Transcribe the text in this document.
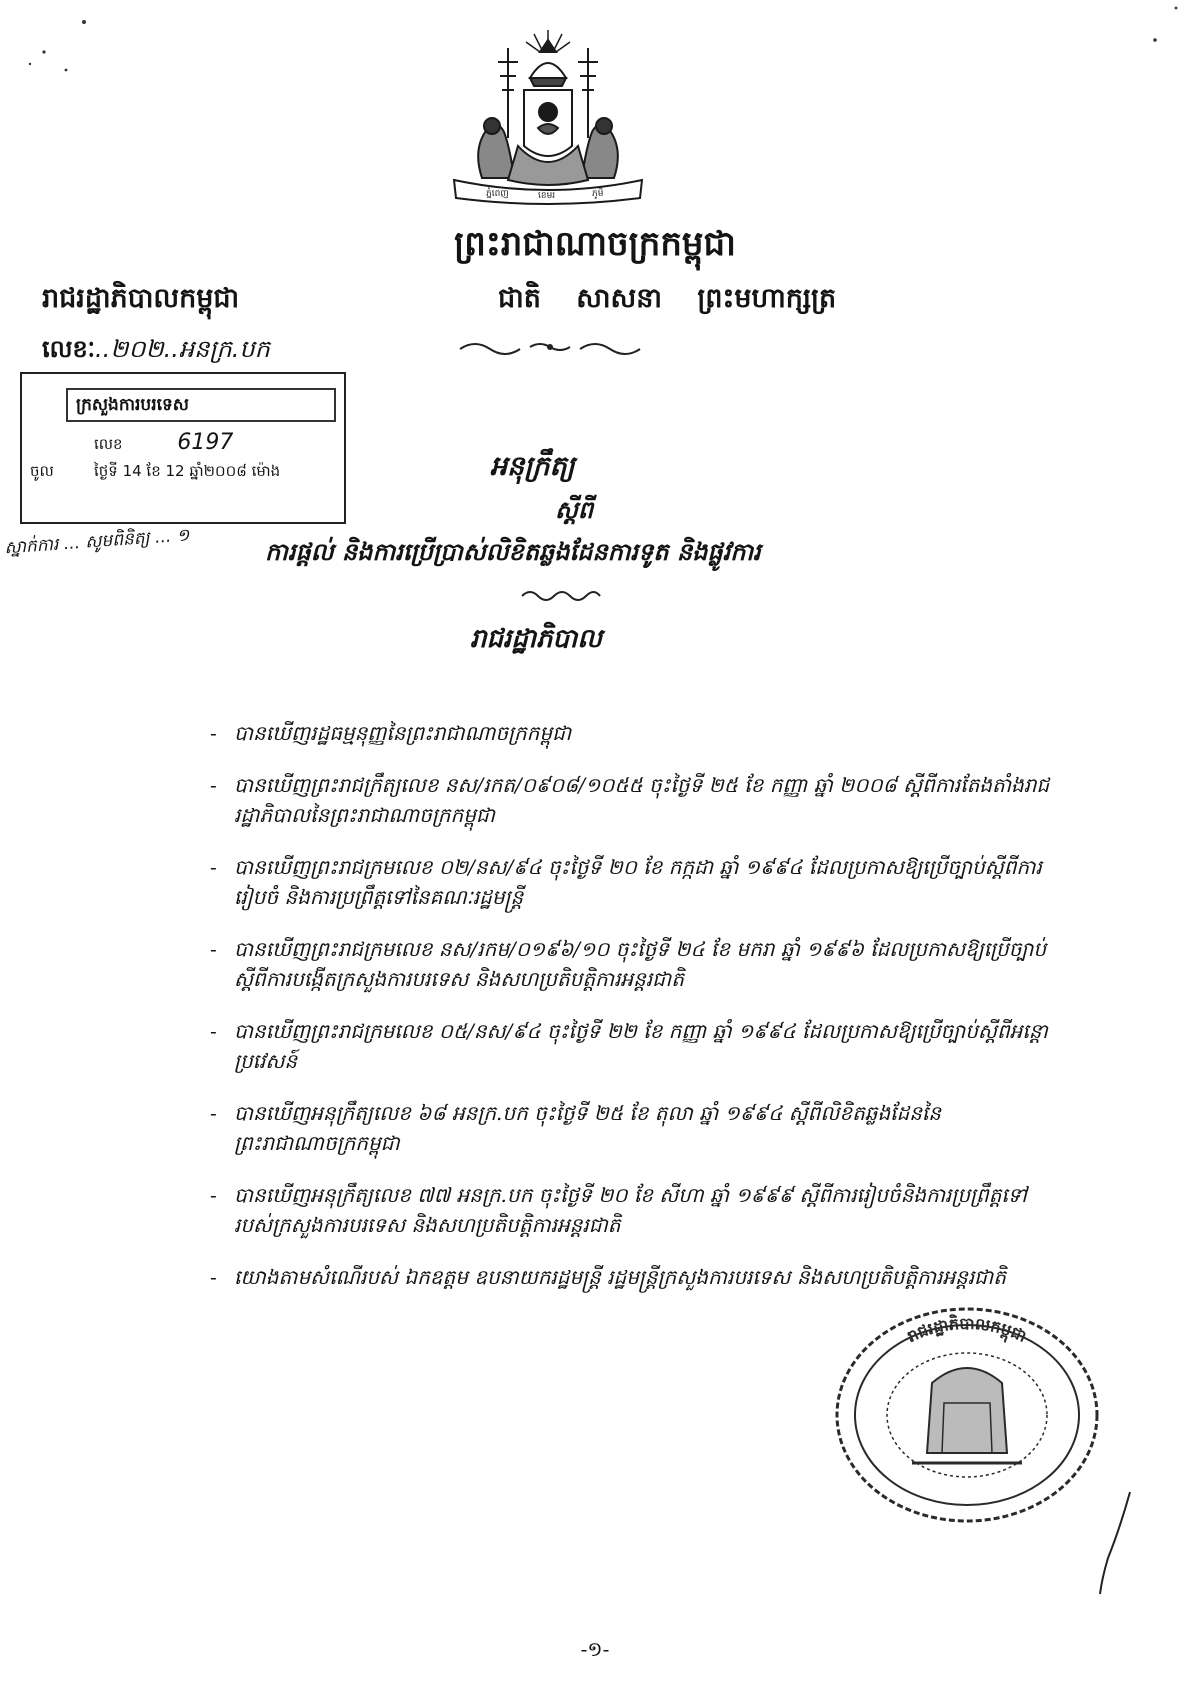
ភ្នំពេញ	ខេមរ	ភូមិ
ព្រះរាជាណាចក្រកម្ពុជា
រាជរដ្ឋាភិបាលកម្ពុជា	ជាតិ សាសនា ព្រះមហាក្សត្រ
លេខៈ..២០២..អនក្រ.បក
ក្រសួងការបរទេស
ចូល
លេខ 6197
ថ្ងៃទី 14 ខែ 12 ឆ្នាំ២០០៨ ម៉ោង
ស្នាក់ការ ... សូមពិនិត្យ ... ១
អនុក្រឹត្យ
ស្ដីពី
ការផ្ដល់ និងការប្រើប្រាស់លិខិតឆ្លងដែនការទូត និងផ្លូវការ
រាជរដ្ឋាភិបាល
- បានឃើញរដ្ឋធម្មនុញ្ញនៃព្រះរាជាណាចក្រកម្ពុជា
- បានឃើញព្រះរាជក្រឹត្យលេខ នស/រកត/០៩០៨/១០៥៥ ចុះថ្ងៃទី ២៥ ខែ កញ្ញា ឆ្នាំ ២០០៨ ស្ដីពីការតែងតាំងរាជរដ្ឋាភិបាលនៃព្រះរាជាណាចក្រកម្ពុជា
- បានឃើញព្រះរាជក្រមលេខ ០២/នស/៩៤ ចុះថ្ងៃទី ២០ ខែ កក្កដា ឆ្នាំ ១៩៩៤ ដែលប្រកាសឱ្យប្រើច្បាប់ស្ដីពីការរៀបចំ និងការប្រព្រឹត្តទៅនៃគណៈរដ្ឋមន្ត្រី
- បានឃើញព្រះរាជក្រមលេខ នស/រកម/០១៩៦/១០ ចុះថ្ងៃទី ២៤ ខែ មករា ឆ្នាំ ១៩៩៦ ដែលប្រកាសឱ្យប្រើច្បាប់ស្ដីពីការបង្កើតក្រសួងការបរទេស និងសហប្រតិបត្តិការអន្តរជាតិ
- បានឃើញព្រះរាជក្រមលេខ ០៥/នស/៩៤ ចុះថ្ងៃទី ២២ ខែ កញ្ញា ឆ្នាំ ១៩៩៤ ដែលប្រកាសឱ្យប្រើច្បាប់ស្ដីពីអន្តោប្រវេសន៍
- បានឃើញអនុក្រឹត្យលេខ ៦៨ អនក្រ.បក ចុះថ្ងៃទី ២៥ ខែ តុលា ឆ្នាំ ១៩៩៤ ស្ដីពីលិខិតឆ្លងដែននៃព្រះរាជាណាចក្រកម្ពុជា
- បានឃើញអនុក្រឹត្យលេខ ៧៧ អនក្រ.បក ចុះថ្ងៃទី ២០ ខែ សីហា ឆ្នាំ ១៩៩៩ ស្ដីពីការរៀបចំនិងការប្រព្រឹត្តទៅរបស់ក្រសួងការបរទេស និងសហប្រតិបត្តិការអន្តរជាតិ
- យោងតាមសំណើរបស់ ឯកឧត្តម ឧបនាយករដ្ឋមន្ត្រី រដ្ឋមន្ត្រីក្រសួងការបរទេស និងសហប្រតិបត្តិការអន្តរជាតិ
រាជរដ្ឋាភិបាលកម្ពុជា
-១-
